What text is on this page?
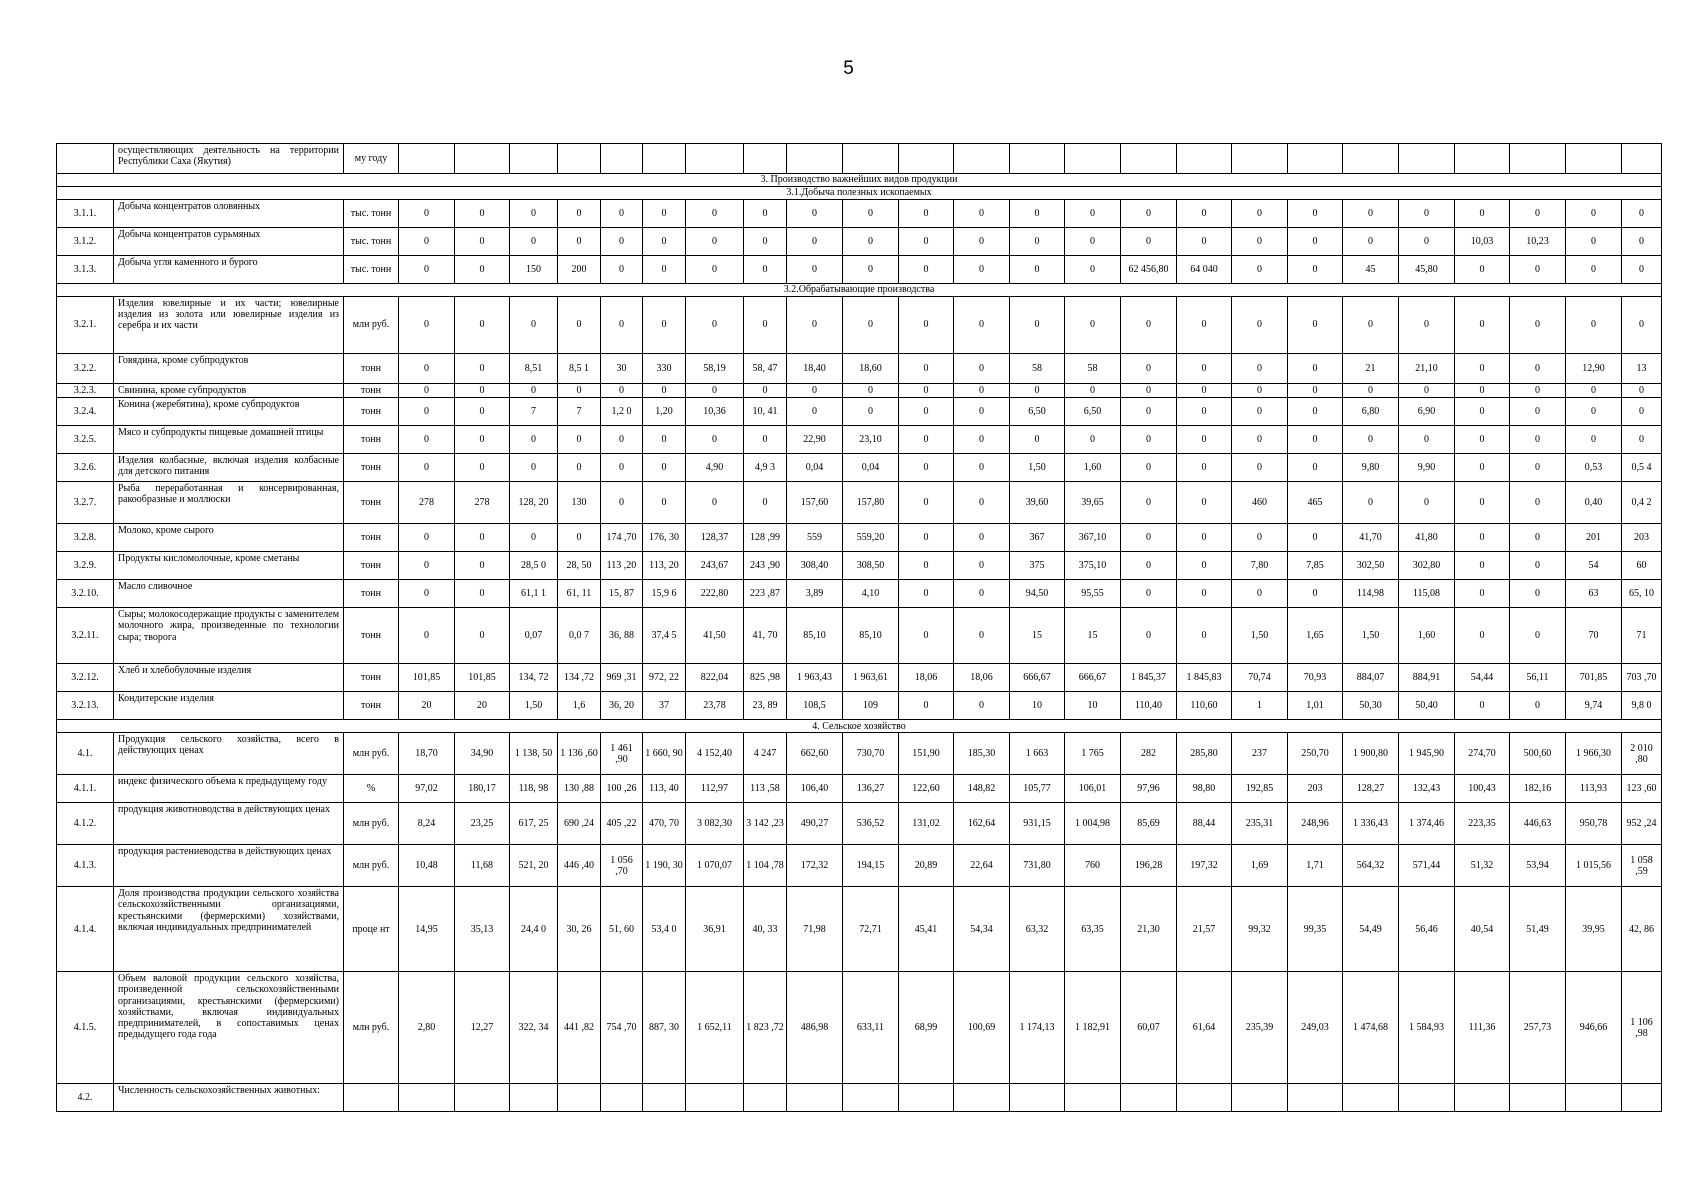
5
	осуществляющих деятельность на территории Республики Саха (Якутия)	му году																								
3. Производство важнейших видов продукции																										
3.1.Добыча полезных ископаемых																										
3.1.1.	Добыча концентратов оловянных	тыс. тонн	0	0	0	0	0	0	0	0	0	0	0	0	0	0	0	0	0	0	0	0	0	0	0	0
3.1.2.	Добыча концентратов сурьмяных	тыс. тонн	0	0	0	0	0	0	0	0	0	0	0	0	0	0	0	0	0	0	0	0	10,03	10,23	0	0
3.1.3.	Добыча угля каменного и бурого	тыс. тонн	0	0	150	200	0	0	0	0	0	0	0	0	0	0	62 456,80	64 040	0	0	45	45,80	0	0	0	0
3.2.Обрабатывающие производства																										
3.2.1.	Изделия ювелирные и их части; ювелирные изделия из золота или ювелирные изделия из серебра и их части	млн руб.	0	0	0	0	0	0	0	0	0	0	0	0	0	0	0	0	0	0	0	0	0	0	0	0
3.2.2.	Говядина, кроме субпродуктов	тонн	0	0	8,51	8,5 1	30	330	58,19	58, 47	18,40	18,60	0	0	58	58	0	0	0	0	21	21,10	0	0	12,90	13
3.2.3.	Свинина, кроме субпродуктов	тонн	0	0	0	0	0	0	0	0	0	0	0	0	0	0	0	0	0	0	0	0	0	0	0	0
3.2.4.	Конина (жеребятина), кроме субпродуктов	тонн	0	0	7	7	1,2 0	1,20	10,36	10, 41	0	0	0	0	6,50	6,50	0	0	0	0	6,80	6,90	0	0	0	0
3.2.5.	Мясо и субпродукты пищевые домашней птицы	тонн	0	0	0	0	0	0	0	0	22,90	23,10	0	0	0	0	0	0	0	0	0	0	0	0	0	0
3.2.6.	Изделия колбасные, включая изделия колбасные для детского питания	тонн	0	0	0	0	0	0	4,90	4,9 3	0,04	0,04	0	0	1,50	1,60	0	0	0	0	9,80	9,90	0	0	0,53	0,5 4
3.2.7.	Рыба переработанная и консервированная, ракообразные и моллюски	тонн	278	278	128, 20	130	0	0	0	0	157,60	157,80	0	0	39,60	39,65	0	0	460	465	0	0	0	0	0,40	0,4 2
3.2.8.	Молоко, кроме сырого	тонн	0	0	0	0	174 ,70	176, 30	128,37	128 ,99	559	559,20	0	0	367	367,10	0	0	0	0	41,70	41,80	0	0	201	203
3.2.9.	Продукты кисломолочные, кроме сметаны	тонн	0	0	28,5 0	28, 50	113 ,20	113, 20	243,67	243 ,90	308,40	308,50	0	0	375	375,10	0	0	7,80	7,85	302,50	302,80	0	0	54	60
3.2.10.	Масло сливочное	тонн	0	0	61,1 1	61, 11	15, 87	15,9 6	222,80	223 ,87	3,89	4,10	0	0	94,50	95,55	0	0	0	0	114,98	115,08	0	0	63	65, 10
3.2.11.	Сыры; молокосодержащие продукты с заменителем молочного жира, произведенные по технологии сыра; творога	тонн	0	0	0,07	0,0 7	36, 88	37,4 5	41,50	41, 70	85,10	85,10	0	0	15	15	0	0	1,50	1,65	1,50	1,60	0	0	70	71
3.2.12.	Хлеб и хлебобулочные изделия	тонн	101,85	101,85	134, 72	134 ,72	969 ,31	972, 22	822,04	825 ,98	1 963,43	1 963,61	18,06	18,06	666,67	666,67	1 845,37	1 845,83	70,74	70,93	884,07	884,91	54,44	56,11	701,85	703 ,70
3.2.13.	Кондитерские изделия	тонн	20	20	1,50	1,6	36, 20	37	23,78	23, 89	108,5	109	0	0	10	10	110,40	110,60	1	1,01	50,30	50,40	0	0	9,74	9,8 0
4. Сельское хозяйство																										
4.1.	Продукция сельского хозяйства, всего в действующих ценах	млн руб.	18,70	34,90	1 138, 50	1 136 ,60	1 461 ,90	1 660, 90	4 152,40	4 247	662,60	730,70	151,90	185,30	1 663	1 765	282	285,80	237	250,70	1 900,80	1 945,90	274,70	500,60	1 966,30	2 010 ,80
4.1.1.	индекс физического объема к предыдущему году	%	97,02	180,17	118, 98	130 ,88	100 ,26	113, 40	112,97	113 ,58	106,40	136,27	122,60	148,82	105,77	106,01	97,96	98,80	192,85	203	128,27	132,43	100,43	182,16	113,93	123 ,60
4.1.2.	продукция животноводства в действующих ценах	млн руб.	8,24	23,25	617, 25	690 ,24	405 ,22	470, 70	3 082,30	3 142 ,23	490,27	536,52	131,02	162,64	931,15	1 004,98	85,69	88,44	235,31	248,96	1 336,43	1 374,46	223,35	446,63	950,78	952 ,24
4.1.3.	продукция растениеводства в действующих ценах	млн руб.	10,48	11,68	521, 20	446 ,40	1 056 ,70	1 190, 30	1 070,07	1 104 ,78	172,32	194,15	20,89	22,64	731,80	760	196,28	197,32	1,69	1,71	564,32	571,44	51,32	53,94	1 015,56	1 058 ,59
4.1.4.	Доля производства продукции сельского хозяйства сельскохозяйственными организациями, крестьянскими (фермерскими) хозяйствами, включая индивидуальных предпринимателей	проце нт	14,95	35,13	24,4 0	30, 26	51, 60	53,4 0	36,91	40, 33	71,98	72,71	45,41	54,34	63,32	63,35	21,30	21,57	99,32	99,35	54,49	56,46	40,54	51,49	39,95	42, 86
4.1.5.	Объем валовой продукции сельского хозяйства, произведенной сельскохозяйственными организациями, крестьянскими (фермерскими) хозяйствами, включая индивидуальных предпринимателей, в сопоставимых ценах предыдущего года года	млн руб.	2,80	12,27	322, 34	441 ,82	754 ,70	887, 30	1 652,11	1 823 ,72	486,98	633,11	68,99	100,69	1 174,13	1 182,91	60,07	61,64	235,39	249,03	1 474,68	1 584,93	111,36	257,73	946,66	1 106 ,98
4.2.	Численность сельскохозяйственных животных:																									
